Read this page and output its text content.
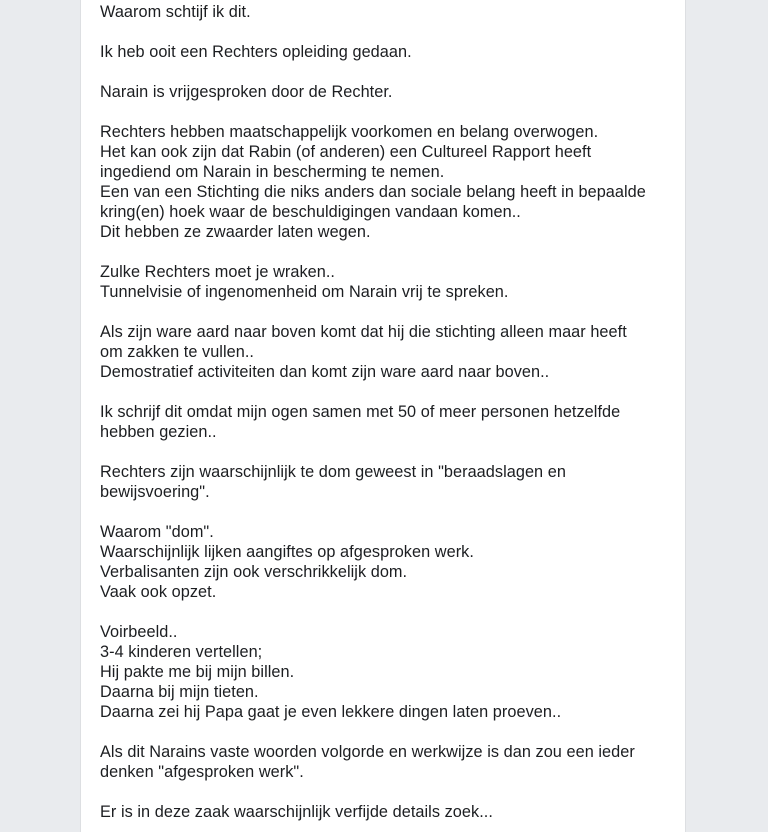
Waarom schtijf ik dit.
Ik heb ooit een Rechters opleiding gedaan.
Narain is vrijgesproken door de Rechter.
Rechters hebben maatschappelijk voorkomen en belang overwogen.
Het kan ook zijn dat Rabin (of anderen) een Cultureel Rapport heeft
ingediend om Narain in bescherming te nemen.
Een van een Stichting die niks anders dan sociale belang heeft in bepaalde
kring(en) hoek waar de beschuldigingen vandaan komen..
Dit hebben ze zwaarder laten wegen.
Zulke Rechters moet je wraken..
Tunnelvisie of ingenomenheid om Narain vrij te spreken.
Als zijn ware aard naar boven komt dat hij die stichting alleen maar heeft
om zakken te vullen..
Demostratief activiteiten dan komt zijn ware aard naar boven..
Ik schrijf dit omdat mijn ogen samen met 50 of meer personen hetzelfde
hebben gezien..
Rechters zijn waarschijnlijk te dom geweest in "beraadslagen en
bewijsvoering".
Waarom "dom".
Waarschijnlijk lijken aangiftes op afgesproken werk.
Verbalisanten zijn ook verschrikkelijk dom.
Vaak ook opzet.
Voirbeeld..
3-4 kinderen vertellen;
Hij pakte me bij mijn billen.
Daarna bij mijn tieten.
Daarna zei hij Papa gaat je even lekkere dingen laten proeven..
Als dit Narains vaste woorden volgorde en werkwijze is dan zou een ieder
denken "afgesproken werk".
Er is in deze zaak waarschijnlijk verfijde details zoek...
